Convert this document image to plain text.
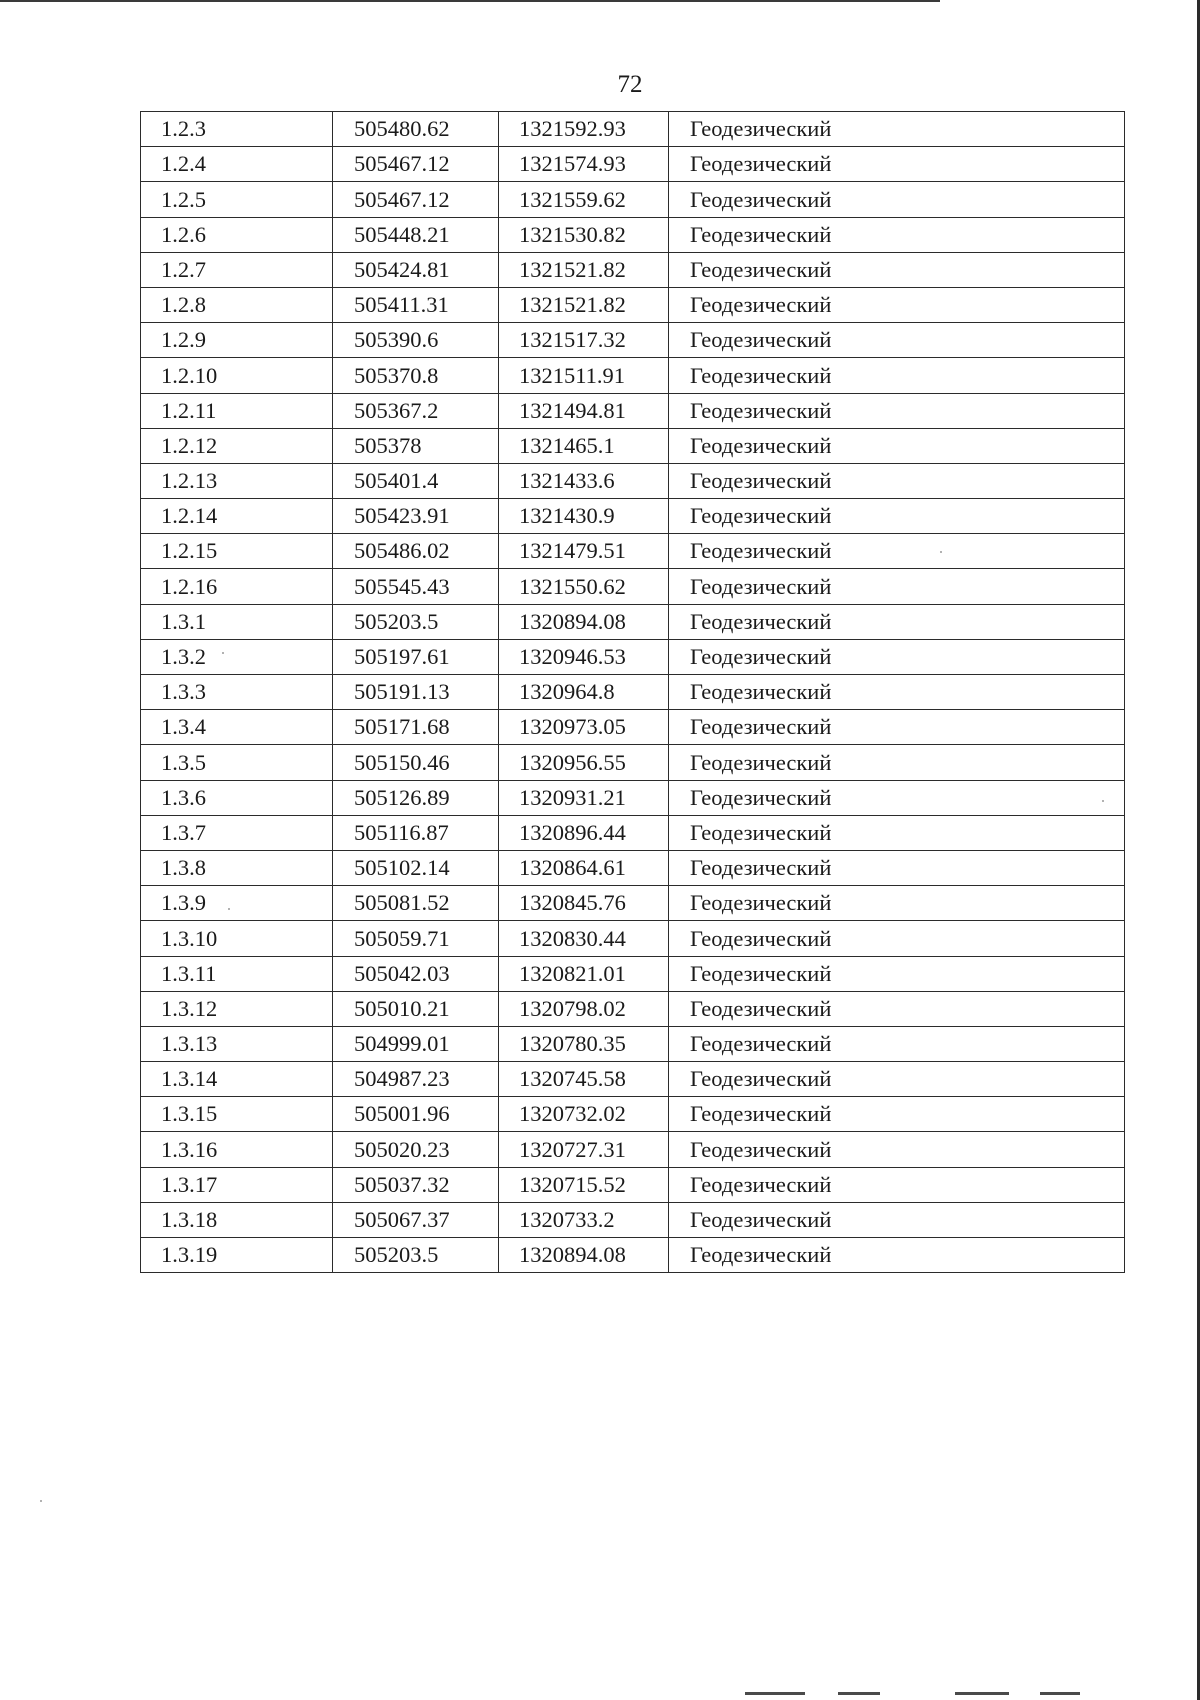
72
1.2.3	505480.62	1321592.93	Геодезический
1.2.4	505467.12	1321574.93	Геодезический
1.2.5	505467.12	1321559.62	Геодезический
1.2.6	505448.21	1321530.82	Геодезический
1.2.7	505424.81	1321521.82	Геодезический
1.2.8	505411.31	1321521.82	Геодезический
1.2.9	505390.6	1321517.32	Геодезический
1.2.10	505370.8	1321511.91	Геодезический
1.2.11	505367.2	1321494.81	Геодезический
1.2.12	505378	1321465.1	Геодезический
1.2.13	505401.4	1321433.6	Геодезический
1.2.14	505423.91	1321430.9	Геодезический
1.2.15	505486.02	1321479.51	Геодезический
1.2.16	505545.43	1321550.62	Геодезический
1.3.1	505203.5	1320894.08	Геодезический
1.3.2	505197.61	1320946.53	Геодезический
1.3.3	505191.13	1320964.8	Геодезический
1.3.4	505171.68	1320973.05	Геодезический
1.3.5	505150.46	1320956.55	Геодезический
1.3.6	505126.89	1320931.21	Геодезический
1.3.7	505116.87	1320896.44	Геодезический
1.3.8	505102.14	1320864.61	Геодезический
1.3.9	505081.52	1320845.76	Геодезический
1.3.10	505059.71	1320830.44	Геодезический
1.3.11	505042.03	1320821.01	Геодезический
1.3.12	505010.21	1320798.02	Геодезический
1.3.13	504999.01	1320780.35	Геодезический
1.3.14	504987.23	1320745.58	Геодезический
1.3.15	505001.96	1320732.02	Геодезический
1.3.16	505020.23	1320727.31	Геодезический
1.3.17	505037.32	1320715.52	Геодезический
1.3.18	505067.37	1320733.2	Геодезический
1.3.19	505203.5	1320894.08	Геодезический
